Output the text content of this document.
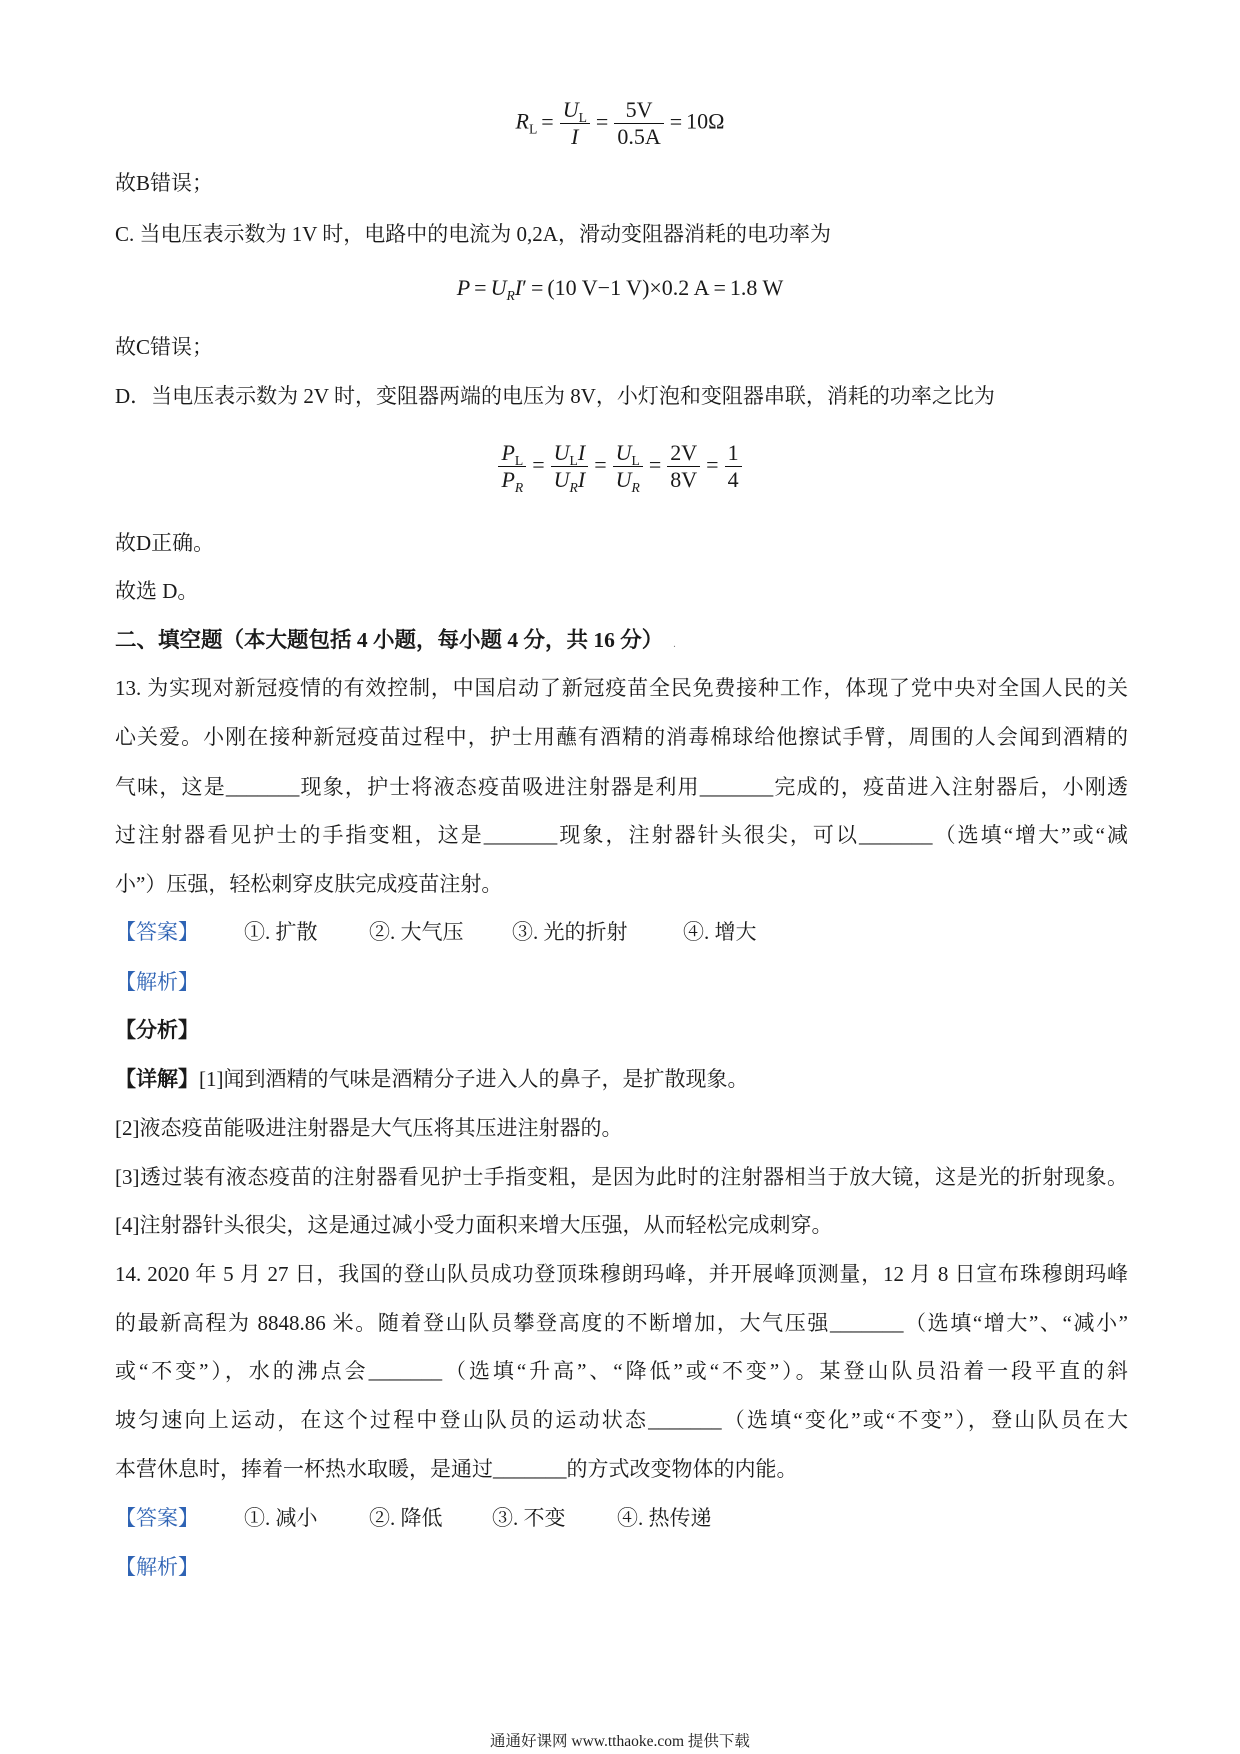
$R_L = \frac{U_L}{I} = \frac{5V}{0.5A} = 10\Omega$
故B错误；
C. 当电压表示数为 1V 时，电路中的电流为 0,2A，滑动变阻器消耗的电功率为
$P = U_RI' = (10$ V−1 V)×0.2 A = 1.8 W
故C错误；
D．当电压表示数为 2V 时，变阻器两端的电压为 8V，小灯泡和变阻器串联，消耗的功率之比为
$\frac{P_L}{P_R} = \frac{U_LI}{U_RI} = \frac{U_L}{U_R} = \frac{2V}{8V} = \frac{1}{4}$
故D正确。
故选 D。
二、填空题（本大题包括 4 小题，每小题 4 分，共 16 分） .
13. 为实现对新冠疫情的有效控制，中国启动了新冠疫苗全民免费接种工作，体现了党中央对全国人民的关
心关爱。小刚在接种新冠疫苗过程中，护士用蘸有酒精的消毒棉球给他擦试手臂，周围的人会闻到酒精的
气味，这是_______现象，护士将液态疫苗吸进注射器是利用_______完成的，疫苗进入注射器后，小刚透
过注射器看见护士的手指变粗，这是_______现象，注射器针头很尖，可以_______（选填“增大”或“减
小”）压强，轻松刺穿皮肤完成疫苗注射。
【答案】 ①. 扩散 ②. 大气压 ③. 光的折射	④. 增大
【解析】
【分析】
【详解】[1]闻到酒精的气味是酒精分子进入人的鼻子，是扩散现象。
[2]液态疫苗能吸进注射器是大气压将其压进注射器的。
[3]透过装有液态疫苗的注射器看见护士手指变粗，是因为此时的注射器相当于放大镜，这是光的折射现象。
[4]注射器针头很尖，这是通过减小受力面积来增大压强，从而轻松完成刺穿。
14. 2020 年 5 月 27 日，我国的登山队员成功登顶珠穆朗玛峰，并开展峰顶测量，12 月 8 日宣布珠穆朗玛峰
的最新高程为 8848.86 米。随着登山队员攀登高度的不断增加，大气压强_______（选填“增大”、“减小”
或“不变”），水的沸点会_______（选填“升高”、“降低”或“不变”）。某登山队员沿着一段平直的斜
坡匀速向上运动，在这个过程中登山队员的运动状态_______（选填“变化”或“不变”），登山队员在大
本营休息时，捧着一杯热水取暖，是通过_______的方式改变物体的内能。
【答案】 ①. 减小 ②. 降低 ③. 不变 ④. 热传递
【解析】
通通好课网 www.tthaoke.com 提供下载
